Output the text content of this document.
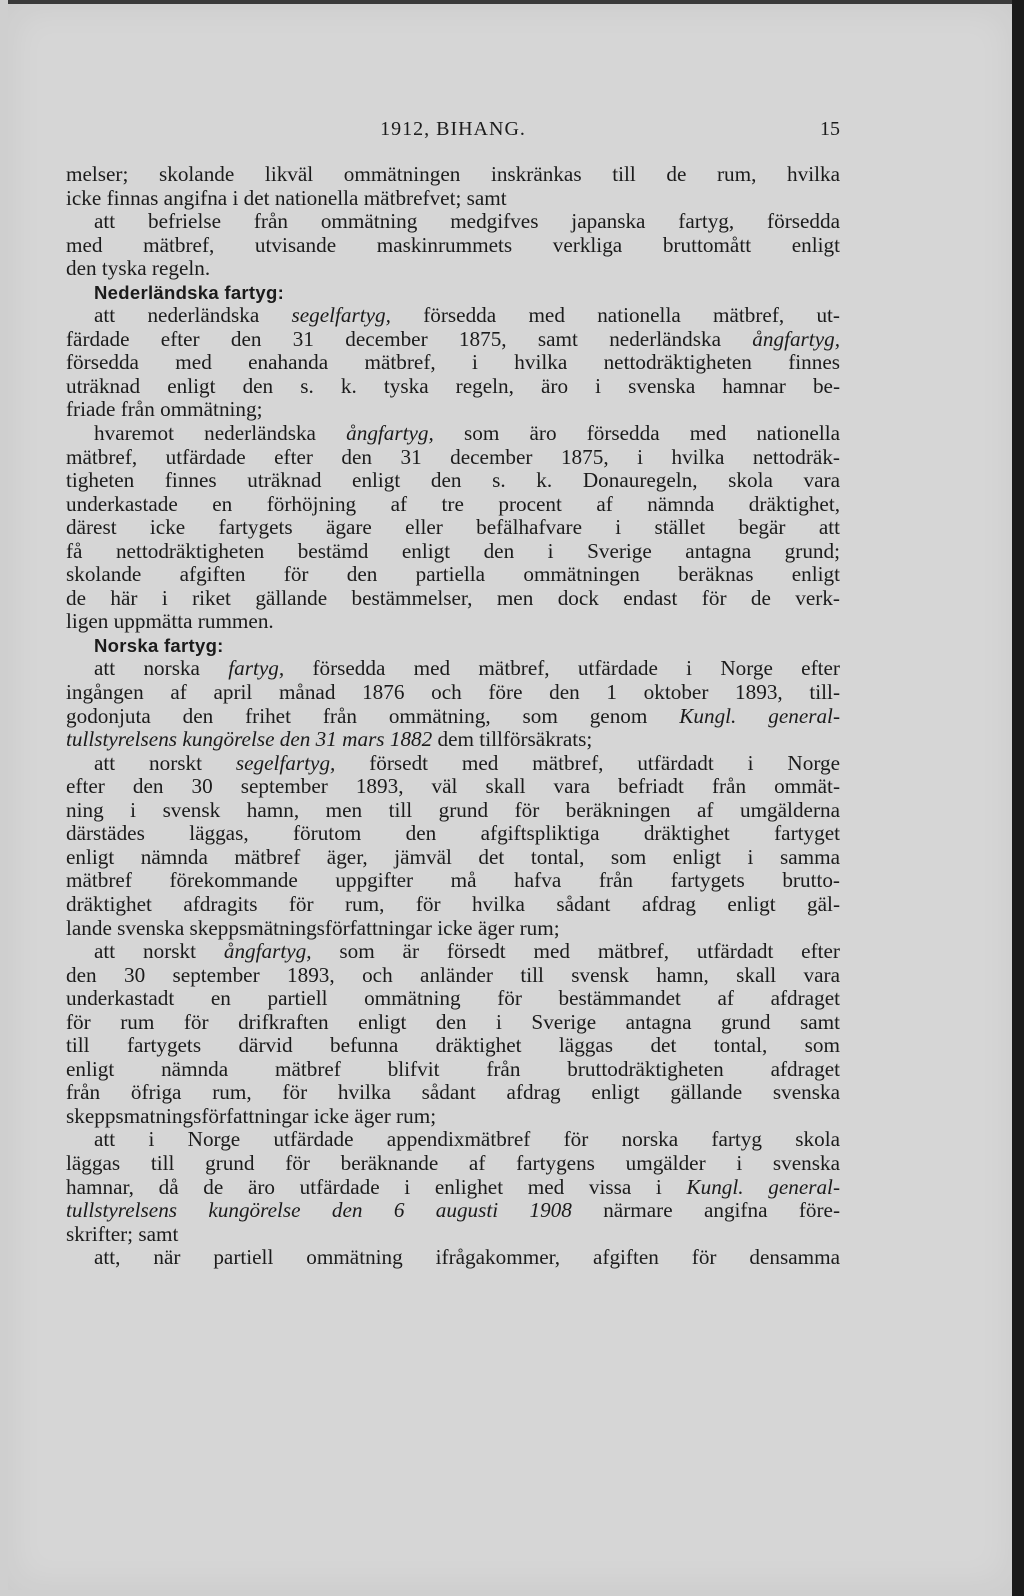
1912, BIHANG.	15
melser; skolande likväl ommätningen inskränkas till de rum, hvilka
icke finnas angifna i det nationella mätbrefvet; samt
att befrielse från ommätning medgifves japanska fartyg, försedda
med mätbref, utvisande maskinrummets verkliga bruttomått enligt
den tyska regeln.
Nederländska fartyg:
att nederländska segelfartyg, försedda med nationella mätbref, ut-
färdade efter den 31 december 1875, samt nederländska ångfartyg,
försedda med enahanda mätbref, i hvilka nettodräktigheten finnes
uträknad enligt den s. k. tyska regeln, äro i svenska hamnar be-
friade från ommätning;
hvaremot nederländska ångfartyg, som äro försedda med nationella
mätbref, utfärdade efter den 31 december 1875, i hvilka nettodräk-
tigheten finnes uträknad enligt den s. k. Donauregeln, skola vara
underkastade en förhöjning af tre procent af nämnda dräktighet,
därest icke fartygets ägare eller befälhafvare i stället begär att
få nettodräktigheten bestämd enligt den i Sverige antagna grund;
skolande afgiften för den partiella ommätningen beräknas enligt
de här i riket gällande bestämmelser, men dock endast för de verk-
ligen uppmätta rummen.
Norska fartyg:
att norska fartyg, försedda med mätbref, utfärdade i Norge efter
ingången af april månad 1876 och före den 1 oktober 1893, till-
godonjuta den frihet från ommätning, som genom Kungl. general-
tullstyrelsens kungörelse den 31 mars 1882 dem tillförsäkrats;
att norskt segelfartyg, försedt med mätbref, utfärdadt i Norge
efter den 30 september 1893, väl skall vara befriadt från ommät-
ning i svensk hamn, men till grund för beräkningen af umgälderna
därstädes läggas, förutom den afgiftspliktiga dräktighet fartyget
enligt nämnda mätbref äger, jämväl det tontal, som enligt i samma
mätbref förekommande uppgifter må hafva från fartygets brutto-
dräktighet afdragits för rum, för hvilka sådant afdrag enligt gäl-
lande svenska skeppsmätningsförfattningar icke äger rum;
att norskt ångfartyg, som är försedt med mätbref, utfärdadt efter
den 30 september 1893, och anländer till svensk hamn, skall vara
underkastadt en partiell ommätning för bestämmandet af afdraget
för rum för drifkraften enligt den i Sverige antagna grund samt
till fartygets därvid befunna dräktighet läggas det tontal, som
enligt nämnda mätbref blifvit från bruttodräktigheten afdraget
från öfriga rum, för hvilka sådant afdrag enligt gällande svenska
skeppsmatningsförfattningar icke äger rum;
att i Norge utfärdade appendixmätbref för norska fartyg skola
läggas till grund för beräknande af fartygens umgälder i svenska
hamnar, då de äro utfärdade i enlighet med vissa i Kungl. general-
tullstyrelsens kungörelse den 6 augusti 1908 närmare angifna före-
skrifter; samt
att, när partiell ommätning ifrågakommer, afgiften för densamma
